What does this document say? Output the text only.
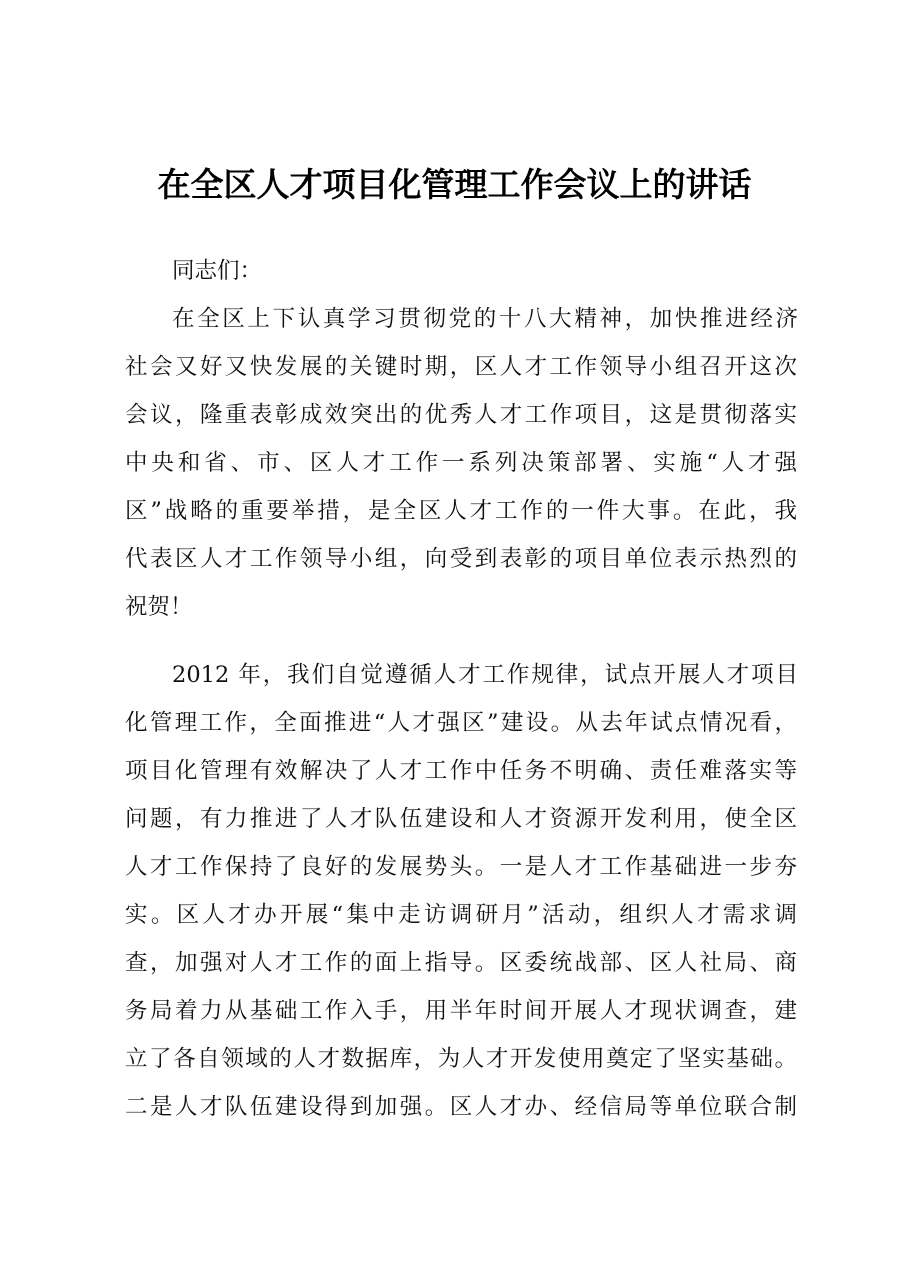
在全区人才项目化管理工作会议上的讲话

同志们：

在全区上下认真学习贯彻党的十八大精神，加快推进经济

社会又好又快发展的关键时期，区人才工作领导小组召开这次

会议，隆重表彰成效突出的优秀人才工作项目，这是贯彻落实

中央和省、市、区人才工作一系列决策部署、实施“人才强

区”战略的重要举措，是全区人才工作的一件大事。在此，我

代表区人才工作领导小组，向受到表彰的项目单位表示热烈的

祝贺！

2012 年，我们自觉遵循人才工作规律，试点开展人才项目

化管理工作，全面推进“人才强区”建设。从去年试点情况看，

项目化管理有效解决了人才工作中任务不明确、责任难落实等

问题，有力推进了人才队伍建设和人才资源开发利用，使全区

人才工作保持了良好的发展势头。一是人才工作基础进一步夯

实。区人才办开展“集中走访调研月”活动，组织人才需求调

查，加强对人才工作的面上指导。区委统战部、区人社局、商

务局着力从基础工作入手，用半年时间开展人才现状调查，建

立了各自领域的人才数据库，为人才开发使用奠定了坚实基础。

二是人才队伍建设得到加强。区人才办、经信局等单位联合制
